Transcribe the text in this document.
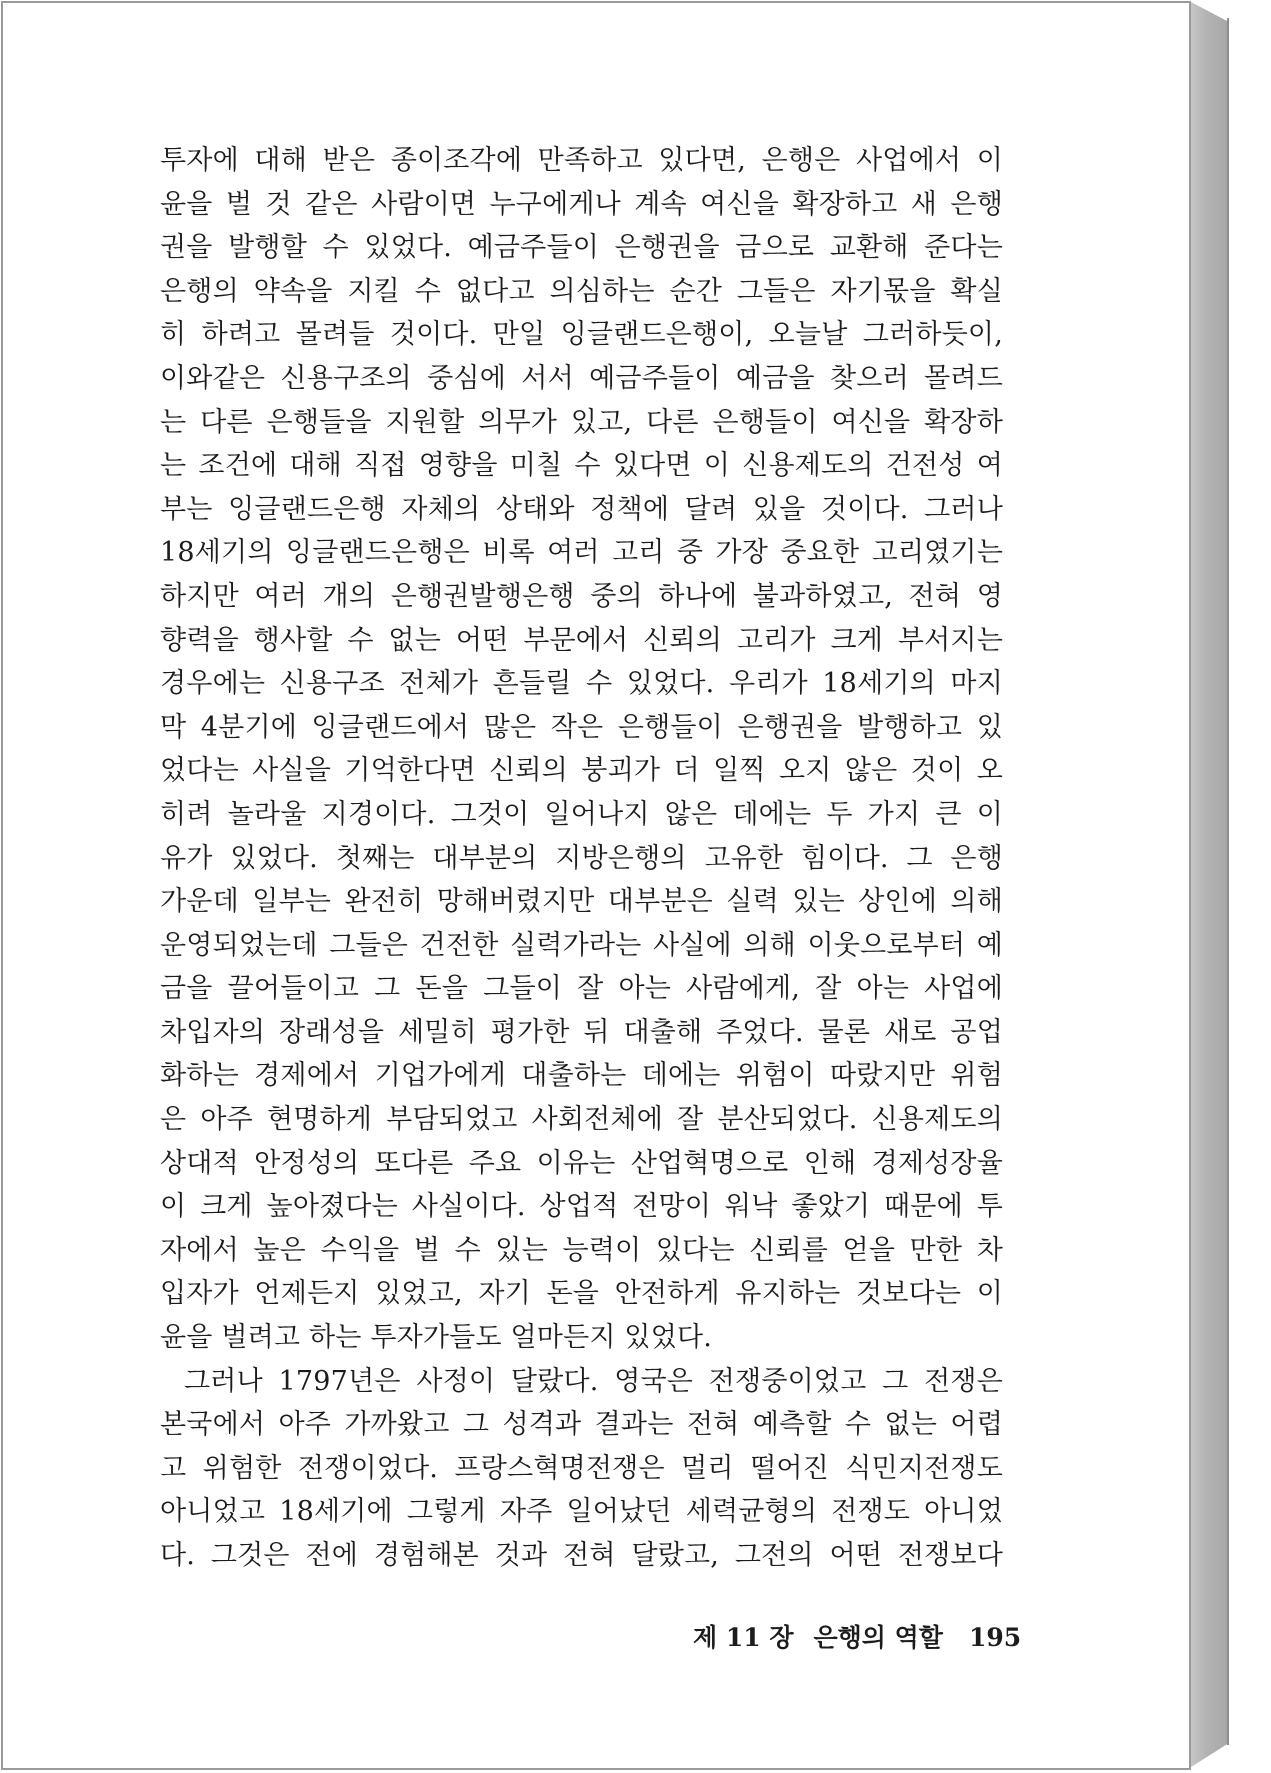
투자에 대해 받은 종이조각에 만족하고 있다면, 은행은 사업에서 이
윤을 벌 것 같은 사람이면 누구에게나 계속 여신을 확장하고 새 은행
권을 발행할 수 있었다. 예금주들이 은행권을 금으로 교환해 준다는
은행의 약속을 지킬 수 없다고 의심하는 순간 그들은 자기몫을 확실
히 하려고 몰려들 것이다. 만일 잉글랜드은행이, 오늘날 그러하듯이,
이와같은 신용구조의 중심에 서서 예금주들이 예금을 찾으러 몰려드
는 다른 은행들을 지원할 의무가 있고, 다른 은행들이 여신을 확장하
는 조건에 대해 직접 영향을 미칠 수 있다면 이 신용제도의 건전성 여
부는 잉글랜드은행 자체의 상태와 정책에 달려 있을 것이다. 그러나
18세기의 잉글랜드은행은 비록 여러 고리 중 가장 중요한 고리였기는
하지만 여러 개의 은행권발행은행 중의 하나에 불과하였고, 전혀 영
향력을 행사할 수 없는 어떤 부문에서 신뢰의 고리가 크게 부서지는
경우에는 신용구조 전체가 흔들릴 수 있었다. 우리가 18세기의 마지
막 4분기에 잉글랜드에서 많은 작은 은행들이 은행권을 발행하고 있
었다는 사실을 기억한다면 신뢰의 붕괴가 더 일찍 오지 않은 것이 오
히려 놀라울 지경이다. 그것이 일어나지 않은 데에는 두 가지 큰 이
유가 있었다. 첫째는 대부분의 지방은행의 고유한 힘이다. 그 은행
가운데 일부는 완전히 망해버렸지만 대부분은 실력 있는 상인에 의해
운영되었는데 그들은 건전한 실력가라는 사실에 의해 이웃으로부터 예
금을 끌어들이고 그 돈을 그들이 잘 아는 사람에게, 잘 아는 사업에
차입자의 장래성을 세밀히 평가한 뒤 대출해 주었다. 물론 새로 공업
화하는 경제에서 기업가에게 대출하는 데에는 위험이 따랐지만 위험
은 아주 현명하게 부담되었고 사회전체에 잘 분산되었다. 신용제도의
상대적 안정성의 또다른 주요 이유는 산업혁명으로 인해 경제성장율
이 크게 높아졌다는 사실이다. 상업적 전망이 워낙 좋았기 때문에 투
자에서 높은 수익을 벌 수 있는 능력이 있다는 신뢰를 얻을 만한 차
입자가 언제든지 있었고, 자기 돈을 안전하게 유지하는 것보다는 이
윤을 벌려고 하는 투자가들도 얼마든지 있었다.
그러나 1797년은 사정이 달랐다. 영국은 전쟁중이었고 그 전쟁은
본국에서 아주 가까왔고 그 성격과 결과는 전혀 예측할 수 없는 어렵
고 위험한 전쟁이었다. 프랑스혁명전쟁은 멀리 떨어진 식민지전쟁도
아니었고 18세기에 그렇게 자주 일어났던 세력균형의 전쟁도 아니었
다. 그것은 전에 경험해본 것과 전혀 달랐고, 그전의 어떤 전쟁보다
제 11 장 은행의 역할 195
